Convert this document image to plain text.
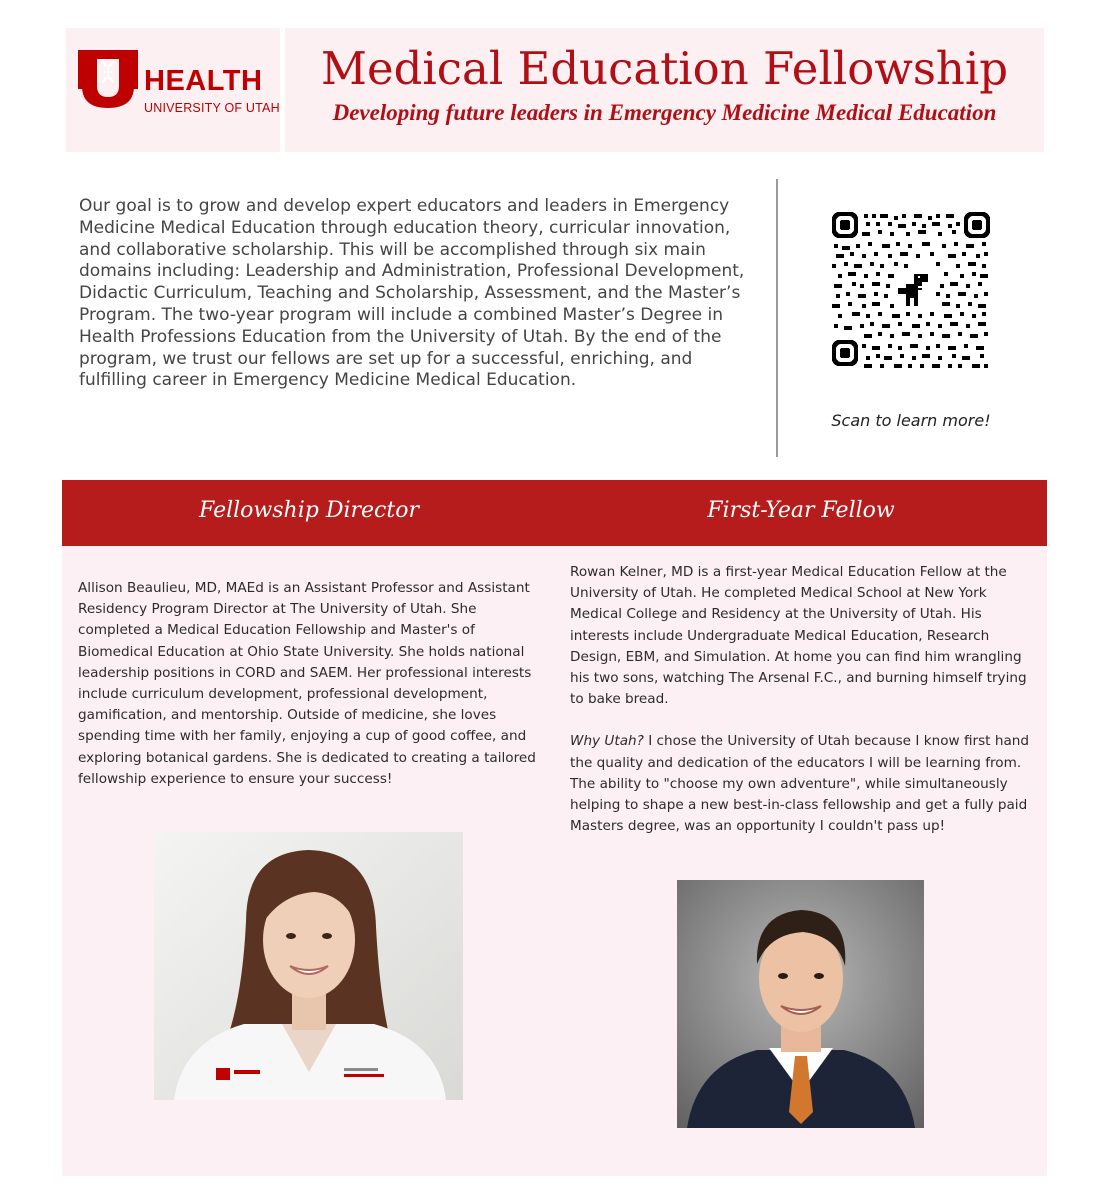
HEALTH
UNIVERSITY OF UTAH
Medical Education Fellowship
Developing future leaders in Emergency Medicine Medical Education
Our goal is to grow and develop expert educators and leaders in Emergency Medicine Medical Education through education theory, curricular innovation, and collaborative scholarship. This will be accomplished through six main domains including: Leadership and Administration, Professional Development, Didactic Curriculum, Teaching and Scholarship, Assessment, and the Master’s Program. The two-year program will include a combined Master’s Degree in Health Professions Education from the University of Utah. By the end of the program, we trust our fellows are set up for a successful, enriching, and fulfilling career in Emergency Medicine Medical Education.
Scan to learn more!
Fellowship Director	First-Year Fellow

Allison Beaulieu, MD, MAEd is an Assistant Professor and Assistant Residency Program Director at The University of Utah. She completed a Medical Education Fellowship and Master's of Biomedical Education at Ohio State University. She holds national leadership positions in CORD and SAEM. Her professional interests include curriculum development, professional development, gamification, and mentorship. Outside of medicine, she loves spending time with her family, enjoying a cup of good coffee, and exploring botanical gardens. She is dedicated to creating a tailored fellowship experience to ensure your success!

Rowan Kelner, MD is a first-year Medical Education Fellow at the University of Utah. He completed Medical School at New York Medical College and Residency at the University of Utah. His interests include Undergraduate Medical Education, Research Design, EBM, and Simulation. At home you can find him wrangling his two sons, watching The Arsenal F.C., and burning himself trying to bake bread.

Why Utah? I chose the University of Utah because I know first hand the quality and dedication of the educators I will be learning from. The ability to "choose my own adventure", while simultaneously helping to shape a new best-in-class fellowship and get a fully paid Masters degree, was an opportunity I couldn't pass up!
